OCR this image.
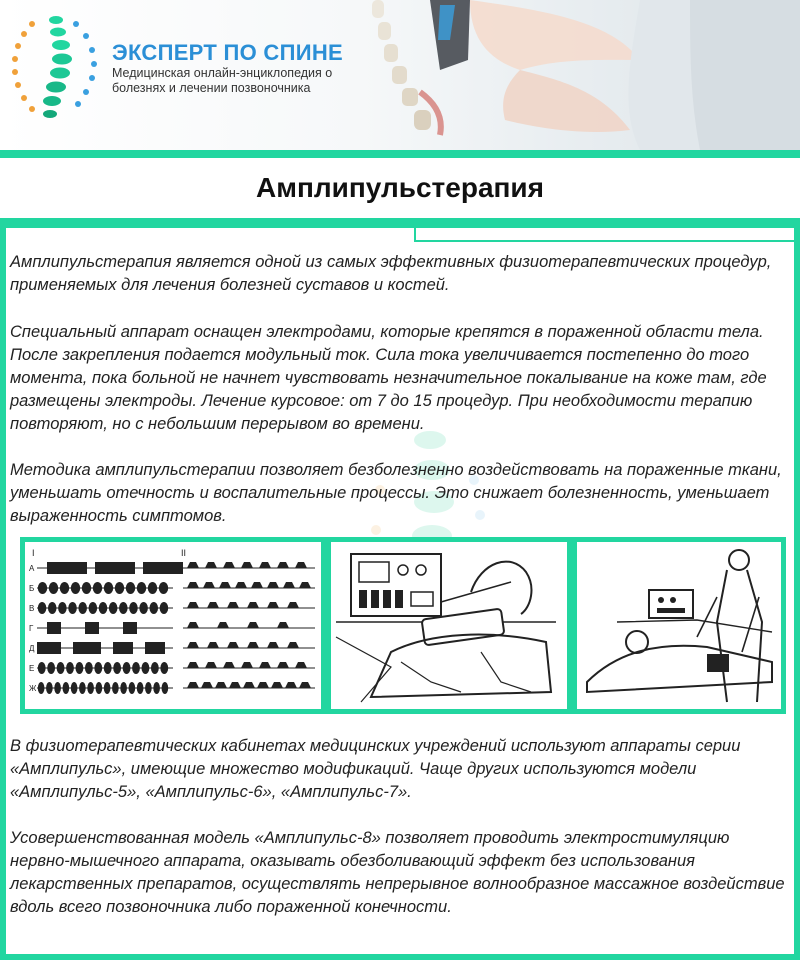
ЭКСПЕРТ ПО СПИНЕ

Медицинская онлайн-энциклопедия о болезнях и лечении позвоночника

Амплипульстерапия

Амплипульстерапия является одной из самых эффективных физиотерапевтических процедур, применяемых для лечения болезней суставов и костей.

Специальный аппарат оснащен электродами, которые крепятся в пораженной области тела. После закрепления подается модульный ток. Сила тока увеличивается постепенно до того момента, пока больной не начнет чувствовать незначительное покалывание на коже там, где размещены электроды. Лечение курсовое: от 7 до 15 процедур. При необходимости терапию повторяют, но с небольшим перерывом во времени.

Методика амплипульстерапии позволяет безболезненно воздействовать на пораженные ткани, уменьшать отечность и воспалительные процессы. Это снижает болезненность, уменьшает выраженность симптомов.

I	II
А
Б
В
Г
Д
Е
Ж

В физиотерапевтических кабинетах медицинских учреждений используют аппараты серии «Амплипульс», имеющие множество модификаций. Чаще других используются модели «Амплипульс-5», «Амплипульс-6», «Амплипульс-7».

Усовершенствованная модель «Амплипульс-8» позволяет проводить электростимуляцию нервно-мышечного аппарата, оказывать обезболивающий эффект без использования лекарственных препаратов, осуществлять непрерывное волнообразное массажное воздействие вдоль всего позвоночника либо пораженной конечности.
